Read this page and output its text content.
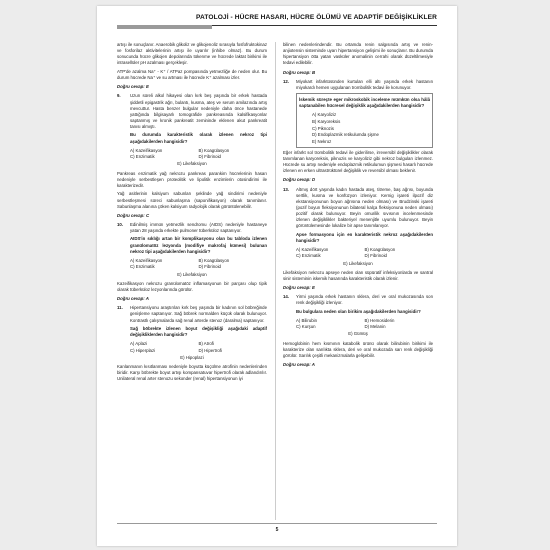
PATOLOJİ - HÜCRE HASARI, HÜCRE ÖLÜMÜ VE ADAPTİF DEĞİŞİKLİKLER

artışı ile sonuçlanır. Anaerobik glikoliz ve glikojenoliz sırasıyla fosfofruktokinaz ve fosforilaz aktivitelerinin artışı ile uyarılır (inhibe olmaz). Bu durum sonucunda hücre glikojen depolarında tükenme ve hücrede laktat birikimi ile intrasellüler pH azalması gerçekleşir.

ATP'de azalma Na⁺ - K⁺ / ATPaz pompasında yetmezliğe de neden olur. Bu durum hücrede Na⁺ ve su artması ile hücrede K⁺ azalması izler.

Doğru cevap: E
9.	Uzun süreli alkol hikayesi olan kırk beş yaşında bir erkek hastada şiddetli epigastrik ağrı, bulantı, kusma, ateş ve serum amilazında artış mevcuttur. Hasta benzer bulgular nedeniyle daha önce hastanede yattığında bilgisayarlı tomografide pankreasında kalsifikasyonlar saptanmış ve kronik pankreatit zemininde eklenen akut pankreatit tanısı almıştı.
Bu durumda karakteristik olarak izlenen nekroz tipi aşağıdakilerden hangisidir?
A) Kazeifikasyon	B) Koagülasyon
C) Enzimatik	D) Fibrinoid
E) Likefaksiyon

Pankreas enzimatik yağ nekrozu pankreas parankim hücrelerinin hasarı nedeniyle serbestleşen proteolitik ve lipolitik enzimlerin otosindirimi ile karakterizedir.

Yağ asitlerinin kalsiyum sabunları şeklinde yağ sindirimi nedeniyle serbestleşmesi süreci sabunlaşma (saponifikasyon) olarak tanımlanır. Sabunlaşma alanına çöken kalsiyum radyolojik olarak görüntülenebilir.

Doğru cevap: C
10.	Edinilmiş immün yetmezlik sendromu (AIDS) nedeniyle hastaneye yatan 28 yaşında erkekte pulmoner tüberküloz saptanıyor.
AIDS'in sıklığı artan bir komplikasyonu olan bu tabloda izlenen granülomatöz lezyonda (modifiye makrofaj kümesi) bulunan nekroz tipi aşağıdakilerden hangisidir?
A) Kazeifikasyon	B) Koagülasyon
C) Enzimatik	D) Fibrinoid
E) Likefaksiyon

Kazeifikasyon nekrozu granülomatöz inflamasyonun bir parçası olup tipik olarak tüberküloz lezyonlarında görülür.

Doğru cevap: A
11.	Hipertansiyonu araştırılan kırk beş yaşında bir kadının sol böbreğinde genişleme saptanıyor. Sağ böbrek normalden küçük olarak bulunuyor. Kontrastlı çalışmalarda sağ renal arterde stenoz (daralma) saptanıyor.
Sağ böbrekte izlenen boyut değişikliği aşağıdaki adaptif değişikliklerden hangisidir?
A) Aplazi	B) Atrofi
C) Hiperplazi	D) Hipertrofi
E) Hipoplazi

Kanlanmanın kısıtlanması nedeniyle boyutta küçülme atrofinin nedenlerinden biridir. Karşı böbrekte boyut artışı kompansatuvar hipertrofi olarak adlandırılır. Unilateral renal arter stenozu sekonder (renal) hipertansiyonun iyi

bilinen nedenlerindendir. Bu ortamda renin salgısında artış ve renin-anjiotensin sisteminde uyarı hipertansiyon gelişimi ile sonuçlanır. Bu durumda hipertansiyon ötta yatan vasküler anomalinin cerrahi olarak düzeltilmesiyle tedavi edilebilir.

Doğru cevap: B
12.	Miyokart infarktüsünden kurtulan elli altı yaşında erkek hastanın miyokardı hemen uygulanan trombolitik tedavi ile korunuyor.
İskemik süreçte eger mikroskobik inceleme mümkün olsa hâlâ saptanabilen hücresel değişiklik aşağıdakilerden hangisidir?
A) Karyoliziz
B) Karyoreksis
C) Piknozis
D) Endoplazmik retikulumda şişme
E) Nekroz

Eğer infarkt sol trombolitik tedavi ile giderilirse, irreversibl değişiklikler olarak tanımlanan karyoreksis, piknozis ve karyoliziz gibi nekroz bulguları izlenmez. Hücrede su artışı nedeniyle endoplazmik retikulumun şişmesi hasarlı hücrede izlenen en erken ultrastrüktürel değişiklik ve reversibl olması beklenir.

Doğru cevap: D
13.	Altmış dört yaşında kadın hastada ateş, titreme, baş ağrısı, boyunda sertlik, kusma ve konfüzyon izleniyor. Kernig işareti ilpozif diz ekstansiyonunun boyun ağrısına neden olması) ve Brudzinski işareti (pozif boyun fleksiyonunun bilateral kalça fleksiyonuna neden olması) pozitif olarak bulunuyor. Beyin omurilik sıvısının incelenmesinde izlenen değişiklikler bakteriyel menenjitle uyumlu bulunuyor. Beyin görüntülemesinde lokalize bir apse tanımlanıyor.
Apse formasyonu için en karakteristik nekroz aşağıdakilerden hangisidir?
A) Kazeifikasyon	B) Koagülasyon
C) Enzimatik	D) Fibrinoid
E) Likefaksiyon

Likefaksiyon nekrozu apseye neden olan süpüratif infeksiyonlarda ve santral sinir sisteminin iskemik hasarında karakteristik olarak izlenir.

Doğru cevap: E
14.	Yirmi yaşında erkek hastanın sklera, deri ve oral mukozasında son renk değişikliği izleniyor.
Bu bulgulara neden olan birikim aşağıdakilerden hangisidir?
A) Bilirubin	B) Hemosiderin
C) Kurşun	D) Melanin
E) Gümüş

Hemoglobinin hem kısmının katabolik ürünü olarak bilirubinin birikimi ile karakterize olan sarılıkta sklera, deri ve oral mukozada sarı renk değişikliği görülür. Sarılık çeşitli mekanizmalarla gelişebilir.

Doğru cevap: A
5
